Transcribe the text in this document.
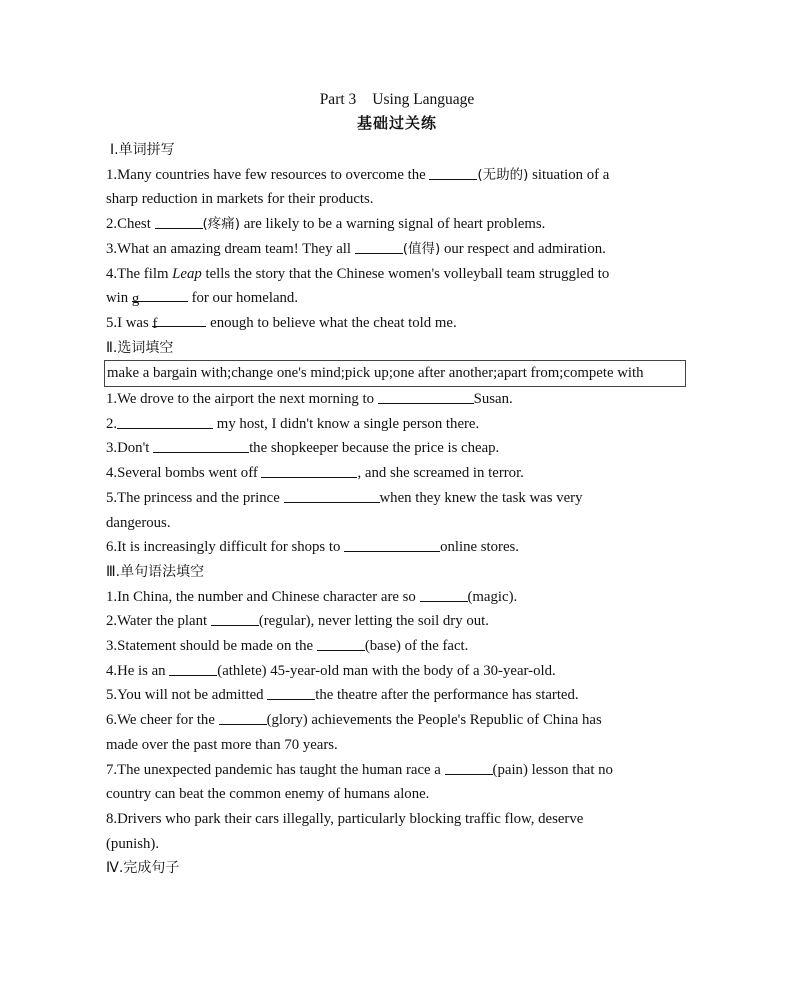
Part 3 Using Language
基础过关练
Ⅰ.单词拼写
1.Many countries have few resources to overcome the	(无助的) situation of a
sharp reduction in markets for their products.
2.Chest	(疼痛) are likely to be a warning signal of heart problems.
3.What an amazing dream team! They all	(值得) our respect and admiration.
4.The film Leap tells the story that the Chinese women's volleyball team struggled to
win g	for our homeland.
5.I was f	enough to believe what the cheat told me.
Ⅱ.选词填空
make a bargain with;change one's mind;pick up;one after another;apart from;compete with
1.We drove to the airport the next morning to	Susan.
2.	my host, I didn't know a single person there.
3.Don't	the shopkeeper because the price is cheap.
4.Several bombs went off	, and she screamed in terror.
5.The princess and the prince	when they knew the task was very
dangerous.
6.It is increasingly difficult for shops to	online stores.
Ⅲ.单句语法填空
1.In China, the number and Chinese character are so	(magic).
2.Water the plant	(regular), never letting the soil dry out.
3.Statement should be made on the	(base) of the fact.
4.He is an	(athlete) 45-year-old man with the body of a 30-year-old.
5.You will not be admitted	the theatre after the performance has started.
6.We cheer for the	(glory) achievements the People's Republic of China has
made over the past more than 70 years.
7.The unexpected pandemic has taught the human race a	(pain) lesson that no
country can beat the common enemy of humans alone.
8.Drivers who park their cars illegally, particularly blocking traffic flow, deserve
(punish).
Ⅳ.完成句子
